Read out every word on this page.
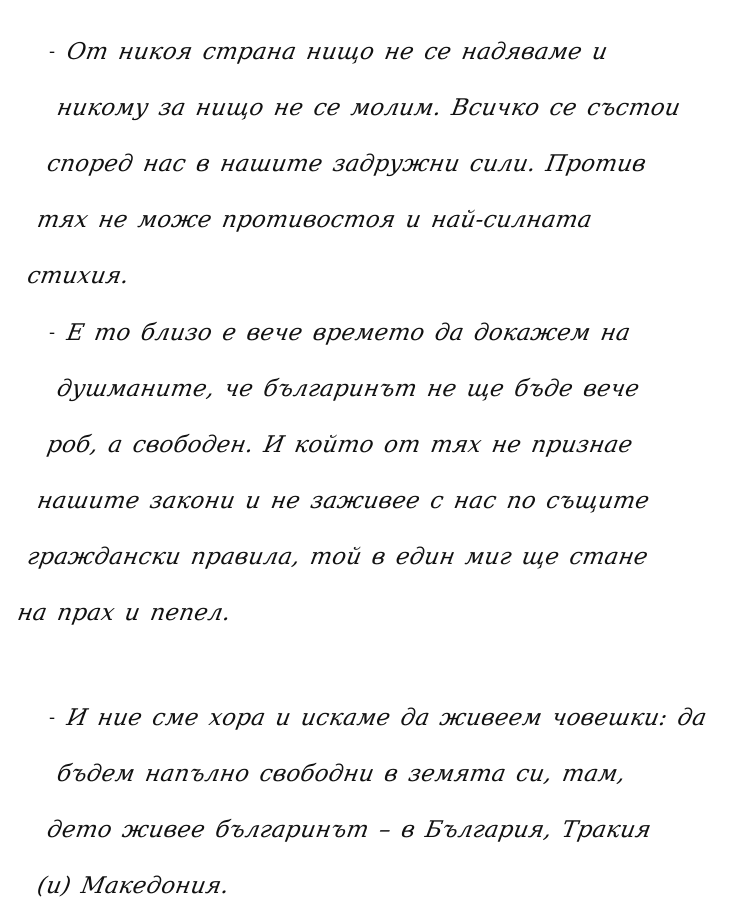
- От никоя страна нищо не се надяваме и никому за нищо не се молим. Всичко се състои според нас в нашите задружни сили. Против тях не може противостоя и най-силната стихия.
- Е то близо е вече времето да докажем на душманите, че българинът не ще бъде вече роб, а свободен. И който от тях не признае нашите закони и не заживее с нас по същите граждански правила, той в един миг ще стане на прах и пепел.
- И ние сме хора и искаме да живеем човешки: да бъдем напълно свободни в земята си, там, дето живее българинът – в България, Тракия (и) Македония.
